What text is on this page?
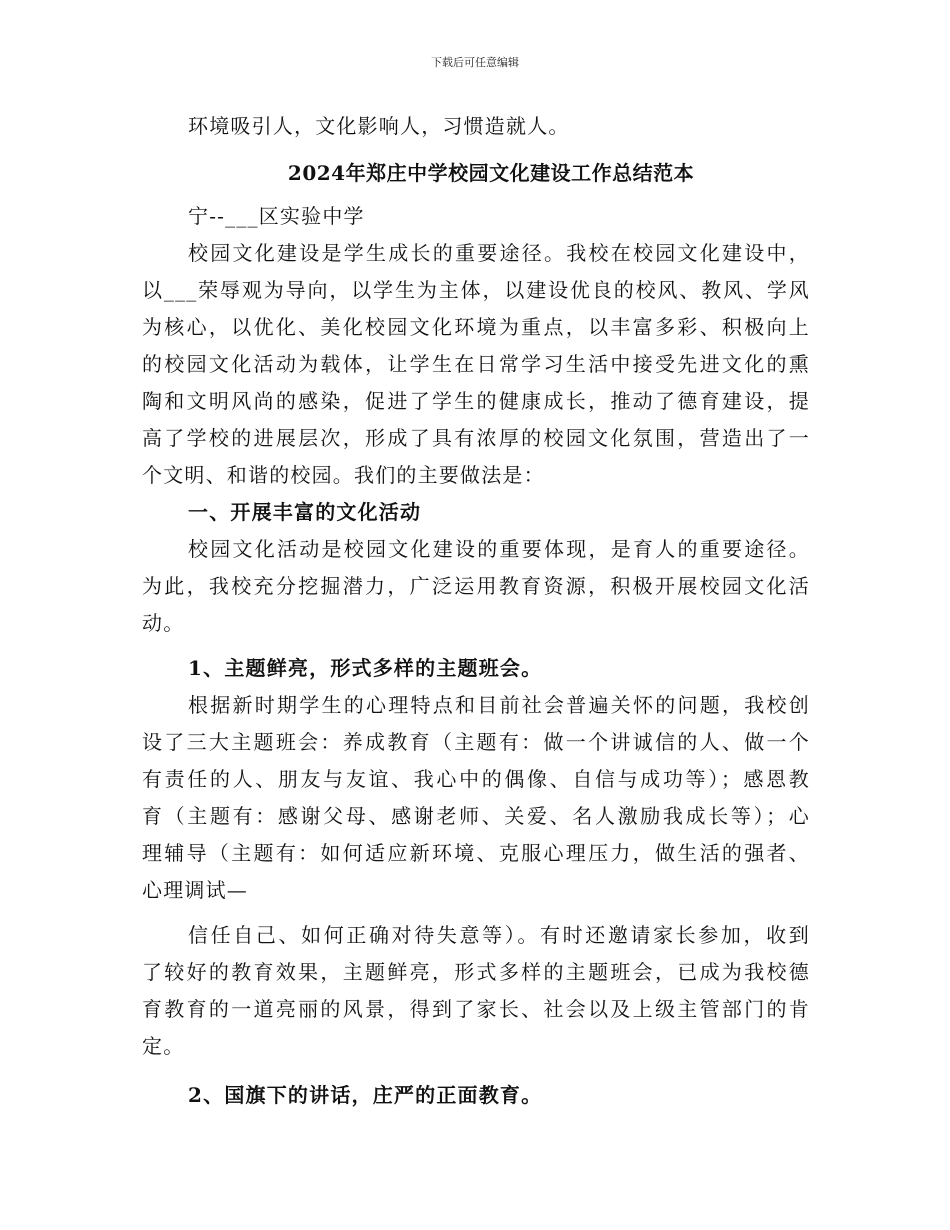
下载后可任意编辑
环境吸引人，文化影响人，习惯造就人。
2024年郑庄中学校园文化建设工作总结范本
宁--___区实验中学
校园文化建设是学生成长的重要途径。我校在校园文化建设中，
以___荣辱观为导向，以学生为主体，以建设优良的校风、教风、学风
为核心，以优化、美化校园文化环境为重点，以丰富多彩、积极向上
的校园文化活动为载体，让学生在日常学习生活中接受先进文化的熏
陶和文明风尚的感染，促进了学生的健康成长，推动了德育建设，提
高了学校的进展层次，形成了具有浓厚的校园文化氛围，营造出了一
个文明、和谐的校园。我们的主要做法是：
一、开展丰富的文化活动
校园文化活动是校园文化建设的重要体现，是育人的重要途径。
为此，我校充分挖掘潜力，广泛运用教育资源，积极开展校园文化活
动。
1、主题鲜亮，形式多样的主题班会。
根据新时期学生的心理特点和目前社会普遍关怀的问题，我校创
设了三大主题班会：养成教育（主题有：做一个讲诚信的人、做一个
有责任的人、朋友与友谊、我心中的偶像、自信与成功等）；感恩教
育（主题有：感谢父母、感谢老师、关爱、名人激励我成长等）；心
理辅导（主题有：如何适应新环境、克服心理压力，做生活的强者、
心理调试—
信任自己、如何正确对待失意等）。有时还邀请家长参加，收到
了较好的教育效果，主题鲜亮，形式多样的主题班会，已成为我校德
育教育的一道亮丽的风景，得到了家长、社会以及上级主管部门的肯
定。
2、国旗下的讲话，庄严的正面教育。
